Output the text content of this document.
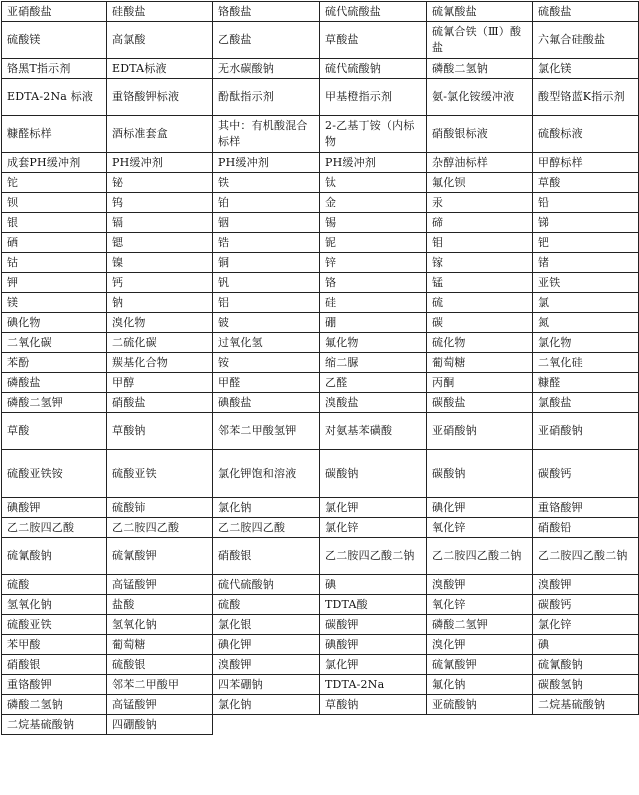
亚硝酸盐	硅酸盐	铬酸盐	硫代硫酸盐	硫氰酸盐	硫酸盐
硫酸镁	高氯酸	乙酸盐	草酸盐	硫氰合铁（Ⅲ）酸盐	六氟合硅酸盐
铬黑T指示剂	EDTA标液	无水碳酸钠	硫代硫酸钠	磷酸二氢钠	氯化镁
EDTA-2Na 标液	重铬酸钾标液	酚酞指示剂	甲基橙指示剂	氨-氯化铵缓冲液	酸型铬蓝K指示剂
糠醛标样	酒标准套盒	其中：有机酸混合标样	2-乙基丁铵（内标物	硝酸银标液	硫酸标液
成套PH缓冲剂	PH缓冲剂	PH缓冲剂	PH缓冲剂	杂醇油标样	甲醇标样
铊	铋	铁	钛	氟化钡	草酸
钡	钨	铂	金	汞	铅
银	镉	铟	锡	碲	锑
硒	锶	锆	铌	钼	钯
钴	镍	铜	锌	镓	锗
钾	钙	钒	铬	锰	亚铁
镁	钠	铝	硅	硫	氯
碘化物	溴化物	铍	硼	碳	氮
二氧化碳	二硫化碳	过氧化氢	氟化物	硫化物	氯化物
苯酚	羰基化合物	铵	缩二脲	葡萄糖	二氧化硅
磷酸盐	甲醇	甲醛	乙醛	丙酮	糠醛
磷酸二氢钾	硝酸盐	碘酸盐	溴酸盐	碳酸盐	氯酸盐
草酸	草酸钠	邻苯二甲酸氢钾	对氨基苯磺酸	亚硝酸钠	亚硝酸钠
硫酸亚铁铵	硫酸亚铁	氯化钾饱和溶液	碳酸钠	碳酸钠	碳酸钙
碘酸钾	硫酸铈	氯化钠	氯化钾	碘化钾	重铬酸钾
乙二胺四乙酸	乙二胺四乙酸	乙二胺四乙酸	氯化锌	氧化锌	硝酸铅
硫氰酸钠	硫氰酸钾	硝酸银	乙二胺四乙酸二钠	乙二胺四乙酸二钠	乙二胺四乙酸二钠
硫酸	高锰酸钾	硫代硫酸钠	碘	溴酸钾	溴酸钾
氢氧化钠	盐酸	硫酸	TDTA酸	氧化锌	碳酸钙
硫酸亚铁	氢氧化钠	氯化银	碳酸钾	磷酸二氢钾	氯化锌
苯甲酸	葡萄糖	碘化钾	碘酸钾	溴化钾	碘
硝酸银	硫酸银	溴酸钾	氯化钾	硫氰酸钾	硫氰酸钠
重铬酸钾	邻苯二甲酸甲	四苯硼钠	TDTA-2Na	氟化钠	碳酸氢钠
磷酸二氢钠	高锰酸钾	氯化钠	草酸钠	亚硫酸钠	二烷基硫酸钠
二烷基硫酸钠	四硼酸钠				
